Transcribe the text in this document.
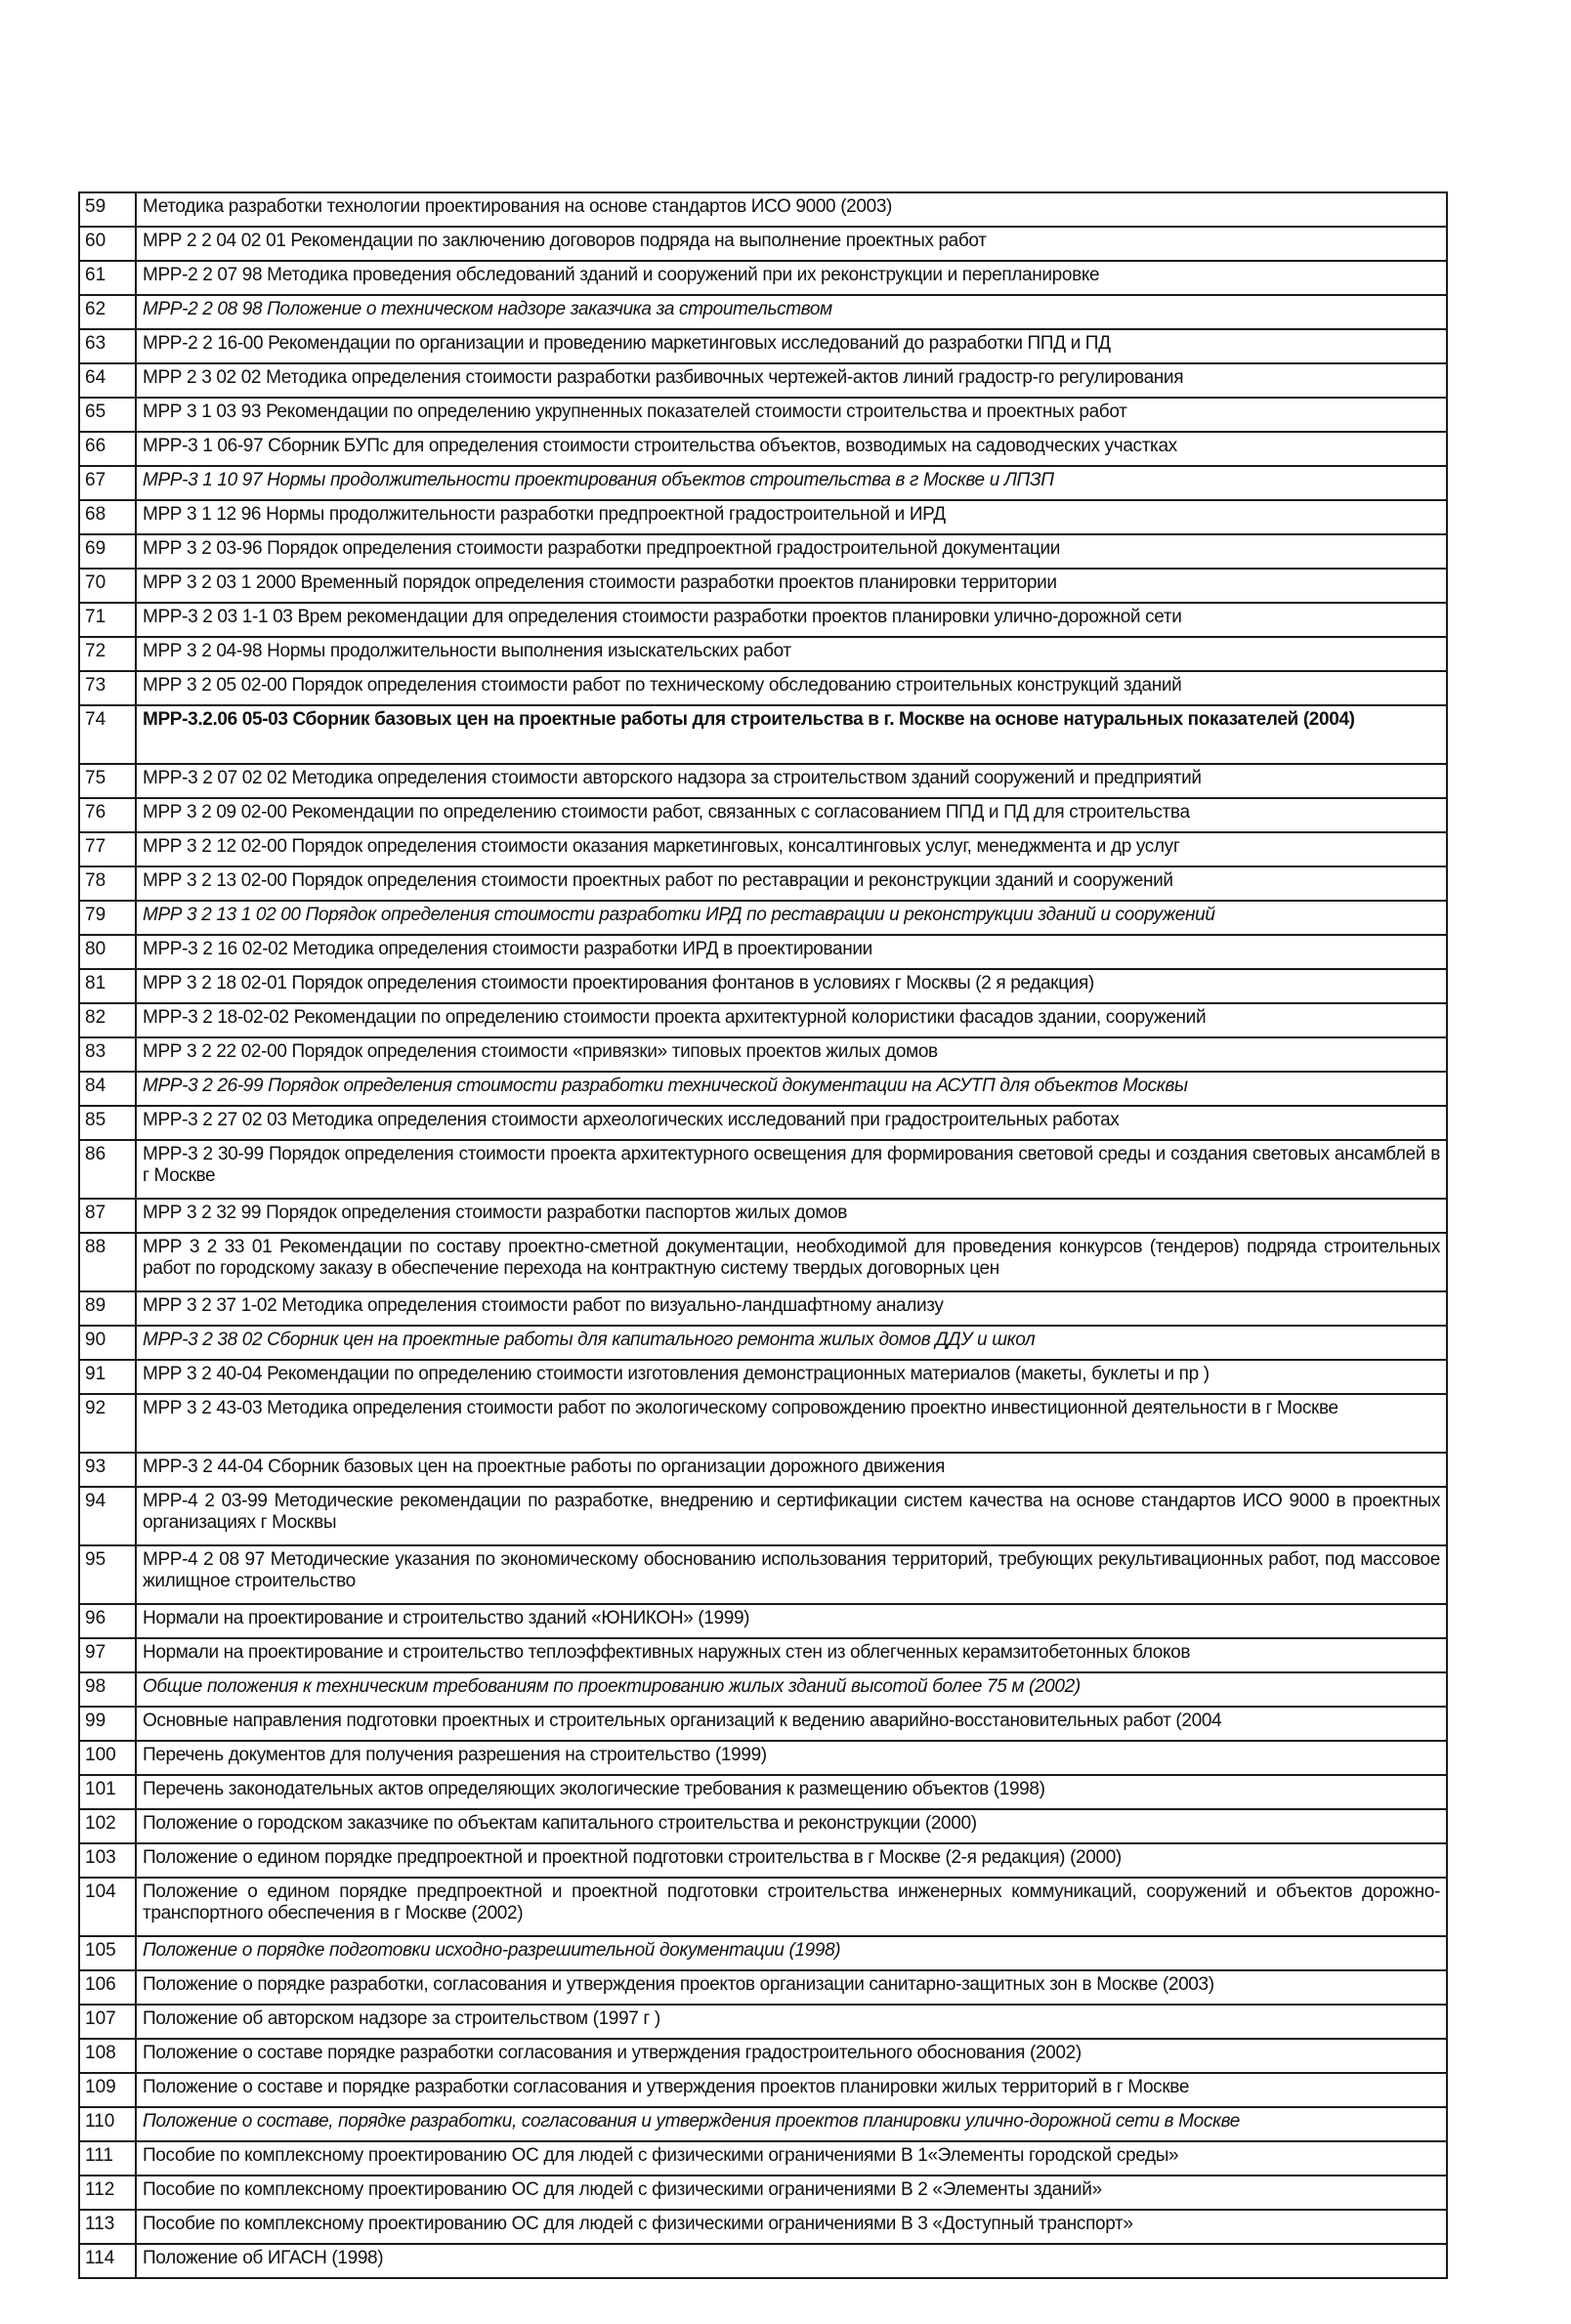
59	Методика разработки технологии проектирования на основе стандартов ИСО 9000 (2003)
60	МРР 2 2 04 02 01 Рекомендации по заключению договоров подряда на выполнение проектных работ
61	МРР-2 2 07 98 Методика проведения обследований зданий и сооружений при их реконструкции и перепланировке
62	МРР-2 2 08 98 Положение о техническом надзоре заказчика за строительством
63	МРР-2 2 16-00 Рекомендации по организации и проведению маркетинговых исследований до разработки ППД и ПД
64	МРР 2 3 02 02 Методика определения стоимости разработки разбивочных чертежей-актов линий градостр-го регулирования
65	МРР 3 1 03 93 Рекомендации по определению укрупненных показателей стоимости строительства и проектных работ
66	МРР-3 1 06-97 Сборник БУПс для определения стоимости строительства объектов, возводимых на садоводческих участках
67	МРР-3 1 10 97 Нормы продолжительности проектирования объектов строительства в г Москве и ЛПЗП
68	МРР 3 1 12 96 Нормы продолжительности разработки предпроектной градостроительной и ИРД
69	МРР 3 2 03-96 Порядок определения стоимости разработки предпроектной градостроительной документации
70	МРР 3 2 03 1 2000 Временный порядок определения стоимости разработки проектов планировки территории
71	МРР-3 2 03 1-1 03 Врем рекомендации для определения стоимости разработки проектов планировки улично-дорожной сети
72	МРР 3 2 04-98 Нормы продолжительности выполнения изыскательских работ
73	МРР 3 2 05 02-00 Порядок определения стоимости работ по техническому обследованию строительных конструкций зданий
74	МРР-3.2.06 05-03 Сборник базовых цен на проектные работы для строительства в г. Москве на основе натуральных показателей (2004)
75	МРР-3 2 07 02 02 Методика определения стоимости авторского надзора за строительством зданий сооружений и предприятий
76	МРР 3 2 09 02-00 Рекомендации по определению стоимости работ, связанных с согласованием ППД и ПД для строительства
77	МРР 3 2 12 02-00 Порядок определения стоимости оказания маркетинговых, консалтинговых услуг, менеджмента и др услуг
78	МРР 3 2 13 02-00 Порядок определения стоимости проектных работ по реставрации и реконструкции зданий и сооружений
79	МРР 3 2 13 1 02 00 Порядок определения стоимости разработки ИРД по реставрации и реконструкции зданий и сооружений
80	МРР-3 2 16 02-02 Методика определения стоимости разработки ИРД в проектировании
81	МРР 3 2 18 02-01 Порядок определения стоимости проектирования фонтанов в условиях г Москвы (2 я редакция)
82	МРР-3 2 18-02-02 Рекомендации по определению стоимости проекта архитектурной колористики фасадов здании, сооружений
83	МРР 3 2 22 02-00 Порядок определения стоимости «привязки» типовых проектов жилых домов
84	МРР-3 2 26-99 Порядок определения стоимости разработки технической документации на АСУТП для объектов Москвы
85	МРР-3 2 27 02 03 Методика определения стоимости археологических исследований при градостроительных работах
86	МРР-3 2 30-99 Порядок определения стоимости проекта архитектурного освещения для формирования световой среды и создания световых ансамблей в г Москве
87	МРР 3 2 32 99 Порядок определения стоимости разработки паспортов жилых домов
88	МРР 3 2 33 01 Рекомендации по составу проектно-сметной документации, необходимой для проведения конкурсов (тендеров) подряда строительных работ по городскому заказу в обеспечение перехода на контрактную систему твердых договорных цен
89	МРР 3 2 37 1-02 Методика определения стоимости работ по визуально-ландшафтному анализу
90	МРР-3 2 38 02 Сборник цен на проектные работы для капитального ремонта жилых домов ДДУ и школ
91	МРР 3 2 40-04 Рекомендации по определению стоимости изготовления демонстрационных материалов (макеты, буклеты и пр )
92	МРР 3 2 43-03 Методика определения стоимости работ по экологическому сопровождению проектно инвестиционной деятельности в г Москве
93	МРР-3 2 44-04 Сборник базовых цен на проектные работы по организации дорожного движения
94	МРР-4 2 03-99 Методические рекомендации по разработке, внедрению и сертификации систем качества на основе стандартов ИСО 9000 в проектных организациях г Москвы
95	МРР-4 2 08 97 Методические указания по экономическому обоснованию использования территорий, требующих рекультивационных работ, под массовое жилищное строительство
96	Нормали на проектирование и строительство зданий «ЮНИКОН» (1999)
97	Нормали на проектирование и строительство теплоэффективных наружных стен из облегченных керамзитобетонных блоков
98	Общие положения к техническим требованиям по проектированию жилых зданий высотой более 75 м (2002)
99	Основные направления подготовки проектных и строительных организаций к ведению аварийно-восстановительных работ (2004
100	Перечень документов для получения разрешения на строительство (1999)
101	Перечень законодательных актов определяющих экологические требования к размещению объектов (1998)
102	Положение о городском заказчике по объектам капитального строительства и реконструкции (2000)
103	Положение о едином порядке предпроектной и проектной подготовки строительства в г Москве (2-я редакция) (2000)
104	Положение о едином порядке предпроектной и проектной подготовки строительства инженерных коммуникаций, сооружений и объектов дорожно-транспортного обеспечения в г Москве (2002)
105	Положение о порядке подготовки исходно-разрешительной документации (1998)
106	Положение о порядке разработки, согласования и утверждения проектов организации санитарно-защитных зон в Москве (2003)
107	Положение об авторском надзоре за строительством (1997 г )
108	Положение о составе порядке разработки согласования и утверждения градостроительного обоснования (2002)
109	Положение о составе и порядке разработки согласования и утверждения проектов планировки жилых территорий в г Москве
110	Положение о составе, порядке разработки, согласования и утверждения проектов планировки улично-дорожной сети в Москве
111	Пособие по комплексному проектированию ОС для людей с физическими ограничениями В 1«Элементы городской среды»
112	Пособие по комплексному проектированию ОС для людей с физическими ограничениями В 2 «Элементы зданий»
113	Пособие по комплексному проектированию ОС для людей с физическими ограничениями В 3 «Доступный транспорт»
114	Положение об ИГАСН (1998)
